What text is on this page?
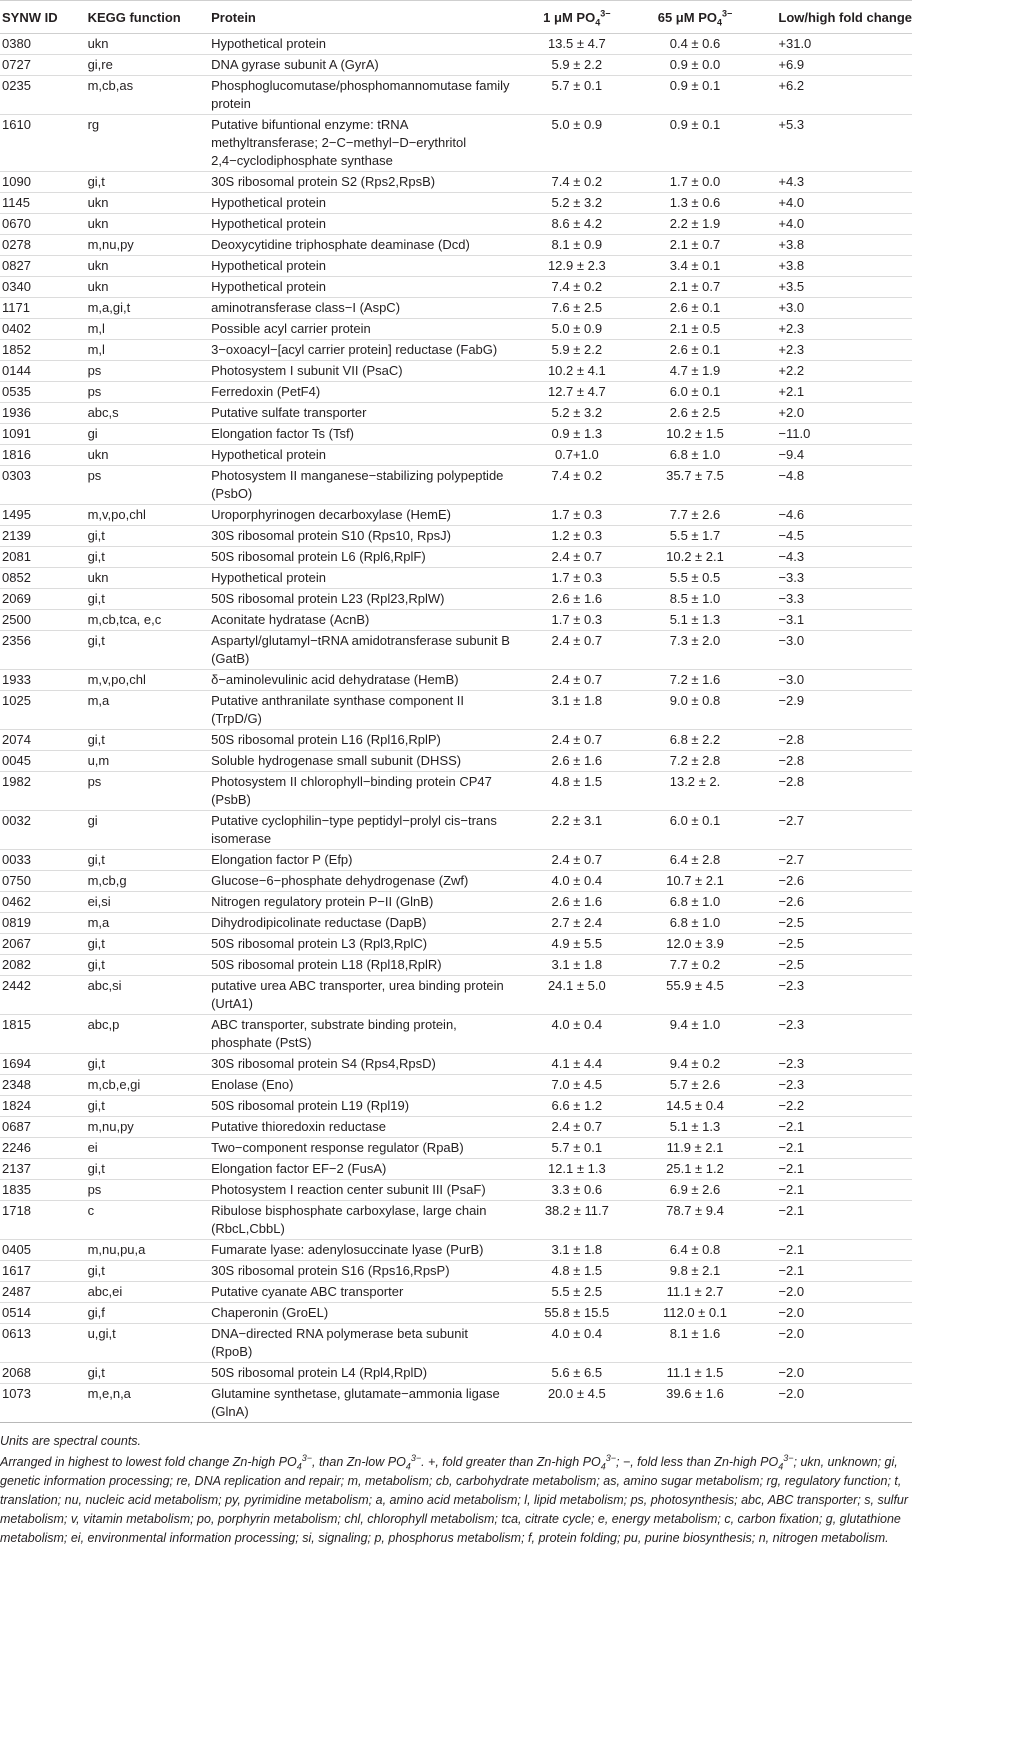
SYNW ID	KEGG function	Protein	1 μM $PO_4^{3-}$	65 μM $PO_4^{3-}$	Low/high fold change
0380	ukn	Hypothetical protein	13.5 ± 4.7	0.4 ± 0.6	+31.0
0727	gi,re	DNA gyrase subunit A (GyrA)	5.9 ± 2.2	0.9 ± 0.0	+6.9
0235	m,cb,as	Phosphoglucomutase/phosphomannomutase family protein	5.7 ± 0.1	0.9 ± 0.1	+6.2
1610	rg	Putative bifuntional enzyme: tRNA methyltransferase; 2−C−methyl−D−erythritol 2,4−cyclodiphosphate synthase	5.0 ± 0.9	0.9 ± 0.1	+5.3
1090	gi,t	30S ribosomal protein S2 (Rps2,RpsB)	7.4 ± 0.2	1.7 ± 0.0	+4.3
1145	ukn	Hypothetical protein	5.2 ± 3.2	1.3 ± 0.6	+4.0
0670	ukn	Hypothetical protein	8.6 ± 4.2	2.2 ± 1.9	+4.0
0278	m,nu,py	Deoxycytidine triphosphate deaminase (Dcd)	8.1 ± 0.9	2.1 ± 0.7	+3.8
0827	ukn	Hypothetical protein	12.9 ± 2.3	3.4 ± 0.1	+3.8
0340	ukn	Hypothetical protein	7.4 ± 0.2	2.1 ± 0.7	+3.5
1171	m,a,gi,t	aminotransferase class−I (AspC)	7.6 ± 2.5	2.6 ± 0.1	+3.0
0402	m,l	Possible acyl carrier protein	5.0 ± 0.9	2.1 ± 0.5	+2.3
1852	m,l	3−oxoacyl−[acyl carrier protein] reductase (FabG)	5.9 ± 2.2	2.6 ± 0.1	+2.3
0144	ps	Photosystem I subunit VII (PsaC)	10.2 ± 4.1	4.7 ± 1.9	+2.2
0535	ps	Ferredoxin (PetF4)	12.7 ± 4.7	6.0 ± 0.1	+2.1
1936	abc,s	Putative sulfate transporter	5.2 ± 3.2	2.6 ± 2.5	+2.0
1091	gi	Elongation factor Ts (Tsf)	0.9 ± 1.3	10.2 ± 1.5	−11.0
1816	ukn	Hypothetical protein	0.7+1.0	6.8 ± 1.0	−9.4
0303	ps	Photosystem II manganese−stabilizing polypeptide (PsbO)	7.4 ± 0.2	35.7 ± 7.5	−4.8
1495	m,v,po,chl	Uroporphyrinogen decarboxylase (HemE)	1.7 ± 0.3	7.7 ± 2.6	−4.6
2139	gi,t	30S ribosomal protein S10 (Rps10, RpsJ)	1.2 ± 0.3	5.5 ± 1.7	−4.5
2081	gi,t	50S ribosomal protein L6 (Rpl6,RplF)	2.4 ± 0.7	10.2 ± 2.1	−4.3
0852	ukn	Hypothetical protein	1.7 ± 0.3	5.5 ± 0.5	−3.3
2069	gi,t	50S ribosomal protein L23 (Rpl23,RplW)	2.6 ± 1.6	8.5 ± 1.0	−3.3
2500	m,cb,tca, e,c	Aconitate hydratase (AcnB)	1.7 ± 0.3	5.1 ± 1.3	−3.1
2356	gi,t	Aspartyl/glutamyl−tRNA amidotransferase subunit B (GatB)	2.4 ± 0.7	7.3 ± 2.0	−3.0
1933	m,v,po,chl	δ−aminolevulinic acid dehydratase (HemB)	2.4 ± 0.7	7.2 ± 1.6	−3.0
1025	m,a	Putative anthranilate synthase component II (TrpD/G)	3.1 ± 1.8	9.0 ± 0.8	−2.9
2074	gi,t	50S ribosomal protein L16 (Rpl16,RplP)	2.4 ± 0.7	6.8 ± 2.2	−2.8
0045	u,m	Soluble hydrogenase small subunit (DHSS)	2.6 ± 1.6	7.2 ± 2.8	−2.8
1982	ps	Photosystem II chlorophyll−binding protein CP47 (PsbB)	4.8 ± 1.5	13.2 ± 2.	−2.8
0032	gi	Putative cyclophilin−type peptidyl−prolyl cis−trans isomerase	2.2 ± 3.1	6.0 ± 0.1	−2.7
0033	gi,t	Elongation factor P (Efp)	2.4 ± 0.7	6.4 ± 2.8	−2.7
0750	m,cb,g	Glucose−6−phosphate dehydrogenase (Zwf)	4.0 ± 0.4	10.7 ± 2.1	−2.6
0462	ei,si	Nitrogen regulatory protein P−II (GlnB)	2.6 ± 1.6	6.8 ± 1.0	−2.6
0819	m,a	Dihydrodipicolinate reductase (DapB)	2.7 ± 2.4	6.8 ± 1.0	−2.5
2067	gi,t	50S ribosomal protein L3 (Rpl3,RplC)	4.9 ± 5.5	12.0 ± 3.9	−2.5
2082	gi,t	50S ribosomal protein L18 (Rpl18,RplR)	3.1 ± 1.8	7.7 ± 0.2	−2.5
2442	abc,si	putative urea ABC transporter, urea binding protein (UrtA1)	24.1 ± 5.0	55.9 ± 4.5	−2.3
1815	abc,p	ABC transporter, substrate binding protein, phosphate (PstS)	4.0 ± 0.4	9.4 ± 1.0	−2.3
1694	gi,t	30S ribosomal protein S4 (Rps4,RpsD)	4.1 ± 4.4	9.4 ± 0.2	−2.3
2348	m,cb,e,gi	Enolase (Eno)	7.0 ± 4.5	5.7 ± 2.6	−2.3
1824	gi,t	50S ribosomal protein L19 (Rpl19)	6.6 ± 1.2	14.5 ± 0.4	−2.2
0687	m,nu,py	Putative thioredoxin reductase	2.4 ± 0.7	5.1 ± 1.3	−2.1
2246	ei	Two−component response regulator (RpaB)	5.7 ± 0.1	11.9 ± 2.1	−2.1
2137	gi,t	Elongation factor EF−2 (FusA)	12.1 ± 1.3	25.1 ± 1.2	−2.1
1835	ps	Photosystem I reaction center subunit III (PsaF)	3.3 ± 0.6	6.9 ± 2.6	−2.1
1718	c	Ribulose bisphosphate carboxylase, large chain (RbcL,CbbL)	38.2 ± 11.7	78.7 ± 9.4	−2.1
0405	m,nu,pu,a	Fumarate lyase: adenylosuccinate lyase (PurB)	3.1 ± 1.8	6.4 ± 0.8	−2.1
1617	gi,t	30S ribosomal protein S16 (Rps16,RpsP)	4.8 ± 1.5	9.8 ± 2.1	−2.1
2487	abc,ei	Putative cyanate ABC transporter	5.5 ± 2.5	11.1 ± 2.7	−2.0
0514	gi,f	Chaperonin (GroEL)	55.8 ± 15.5	112.0 ± 0.1	−2.0
0613	u,gi,t	DNA−directed RNA polymerase beta subunit (RpoB)	4.0 ± 0.4	8.1 ± 1.6	−2.0
2068	gi,t	50S ribosomal protein L4 (Rpl4,RplD)	5.6 ± 6.5	11.1 ± 1.5	−2.0
1073	m,e,n,a	Glutamine synthetase, glutamate−ammonia ligase (GlnA)	20.0 ± 4.5	39.6 ± 1.6	−2.0

Units are spectral counts.

Arranged in highest to lowest fold change Zn-high $PO_4^{3-}$, than Zn-low $PO_4^{3-}$. +, fold greater than Zn-high $PO_4^{3-}$; −, fold less than Zn-high $PO_4^{3-}$; ukn, unknown; gi, genetic information processing; re, DNA replication and repair; m, metabolism; cb, carbohydrate metabolism; as, amino sugar metabolism; rg, regulatory function; t, translation; nu, nucleic acid metabolism; py, pyrimidine metabolism; a, amino acid metabolism; l, lipid metabolism; ps, photosynthesis; abc, ABC transporter; s, sulfur metabolism; v, vitamin metabolism; po, porphyrin metabolism; chl, chlorophyll metabolism; tca, citrate cycle; e, energy metabolism; c, carbon fixation; g, glutathione metabolism; ei, environmental information processing; si, signaling; p, phosphorus metabolism; f, protein folding; pu, purine biosynthesis; n, nitrogen metabolism.
